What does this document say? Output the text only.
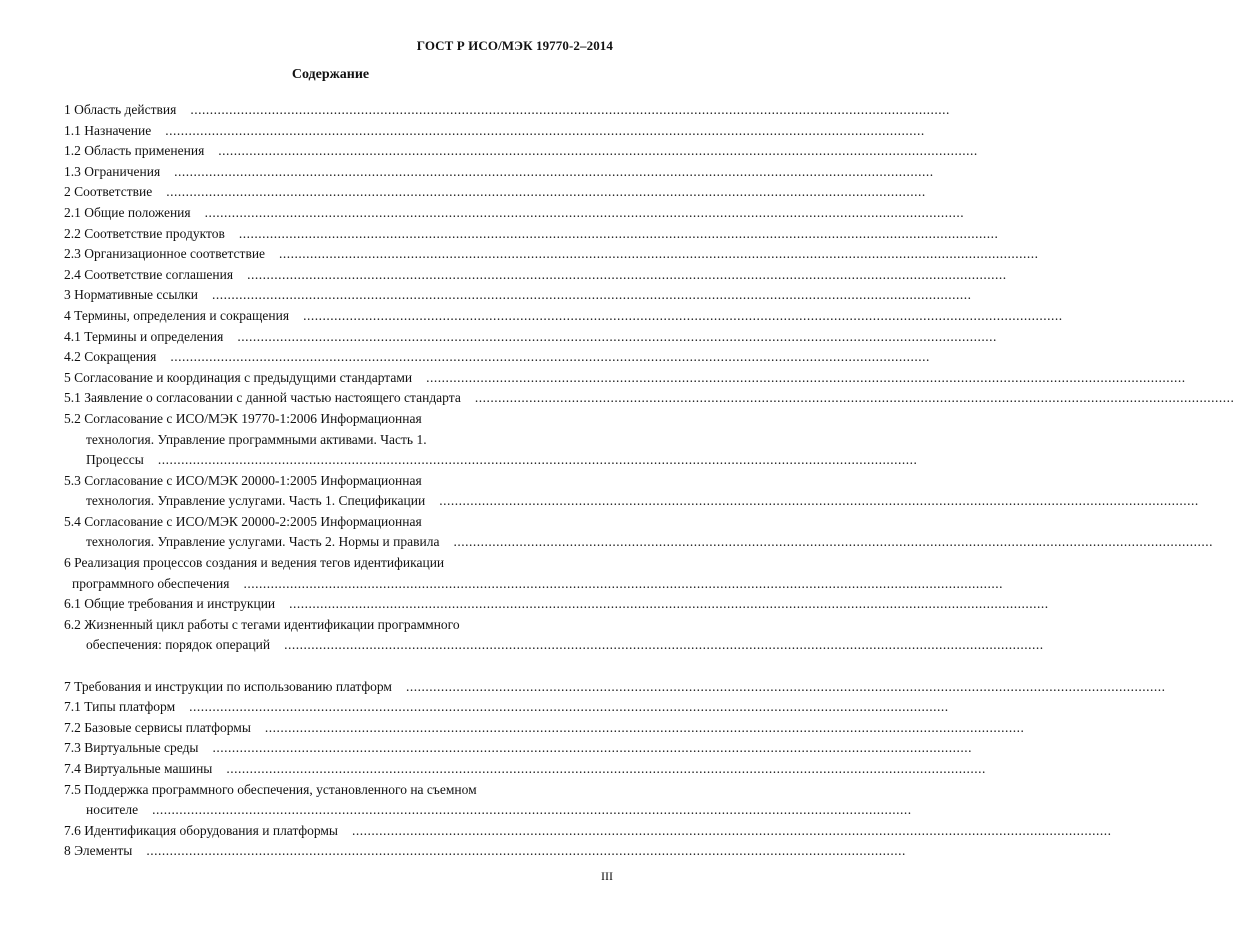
ГОСТ Р ИСО/МЭК 19770-2–2014
Содержание
1 Область действия ....................................................................................................................................................................................................
1.1 Назначение ....................................................................................................................................................................................................
1.2 Область применения ....................................................................................................................................................................................................
1.3 Ограничения ....................................................................................................................................................................................................
2 Соответствие ....................................................................................................................................................................................................
2.1 Общие положения ....................................................................................................................................................................................................
2.2 Соответствие продуктов ....................................................................................................................................................................................................
2.3 Организационное соответствие ....................................................................................................................................................................................................
2.4 Соответствие соглашения ....................................................................................................................................................................................................
3 Нормативные ссылки ....................................................................................................................................................................................................
4 Термины, определения и сокращения ....................................................................................................................................................................................................
4.1 Термины и определения ....................................................................................................................................................................................................
4.2 Сокращения ....................................................................................................................................................................................................
5 Согласование и координация с предыдущими стандартами ....................................................................................................................................................................................................
5.1 Заявление о согласовании с данной частью настоящего стандарта ....................................................................................................................................................................................................
5.2 Согласование с ИСО/МЭК 19770-1:2006 Информационная
технология. Управление программными активами. Часть 1.
Процессы ....................................................................................................................................................................................................
5.3 Согласование с ИСО/МЭК 20000-1:2005 Информационная
технология. Управление услугами. Часть 1. Спецификации ....................................................................................................................................................................................................
5.4 Согласование с ИСО/МЭК 20000-2:2005 Информационная
технология. Управление услугами. Часть 2. Нормы и правила ....................................................................................................................................................................................................
6 Реализация процессов создания и ведения тегов идентификации
программного обеспечения ....................................................................................................................................................................................................
6.1 Общие требования и инструкции ....................................................................................................................................................................................................
6.2 Жизненный цикл работы с тегами идентификации программного
обеспечения: порядок операций ....................................................................................................................................................................................................
7 Требования и инструкции по использованию платформ ....................................................................................................................................................................................................
7.1 Типы платформ ....................................................................................................................................................................................................
7.2 Базовые сервисы платформы ....................................................................................................................................................................................................
7.3 Виртуальные среды ....................................................................................................................................................................................................
7.4 Виртуальные машины ....................................................................................................................................................................................................
7.5 Поддержка программного обеспечения, установленного на съемном
носителе ....................................................................................................................................................................................................
7.6 Идентификация оборудования и платформы ....................................................................................................................................................................................................
8 Элементы ....................................................................................................................................................................................................
III
